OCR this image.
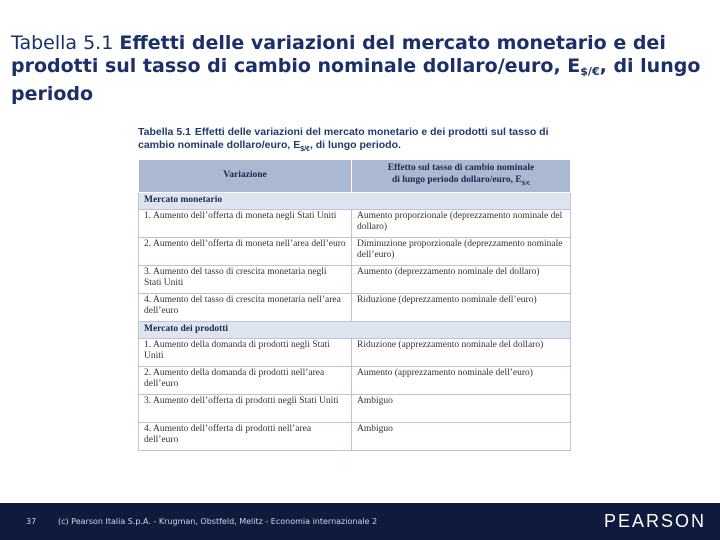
Tabella 5.1 Effetti delle variazioni del mercato monetario e dei prodotti sul tasso di cambio nominale dollaro/euro, $E_{\$/€}$, di lungo periodo
Tabella 5.1 Effetti delle variazioni del mercato monetario e dei prodotti sul tasso di cambio nominale dollaro/euro, $E_{\$/€}$, di lungo periodo.
Variazione	Effetto sul tasso di cambio nominale
di lungo periodo dollaro/euro, $E_{\$/€}$
Mercato monetario	
1. Aumento dell’offerta di moneta negli Stati Uniti	Aumento proporzionale (deprezzamento nominale del dollaro)
2. Aumento dell’offerta di moneta nell’area dell’euro	Diminuzione proporzionale (deprezzamento nominale dell’euro)
3. Aumento del tasso di crescita monetaria negli Stati Uniti	Aumento (deprezzamento nominale del dollaro)
4. Aumento del tasso di crescita monetaria nell’area dell’euro	Riduzione (deprezzamento nominale dell’euro)
Mercato dei prodotti	
1. Aumento della domanda di prodotti negli Stati Uniti	Riduzione (apprezzamento nominale del dollaro)
2. Aumento della domanda di prodotti nell’area dell’euro	Aumento (apprezzamento nominale dell’euro)
3. Aumento dell’offerta di prodotti negli Stati Uniti	Ambiguo
4. Aumento dell’offerta di prodotti nell’area dell’euro	Ambiguo
37	(c) Pearson Italia S.p.A. - Krugman, Obstfeld, Melitz - Economia internazionale 2	PEARSON
